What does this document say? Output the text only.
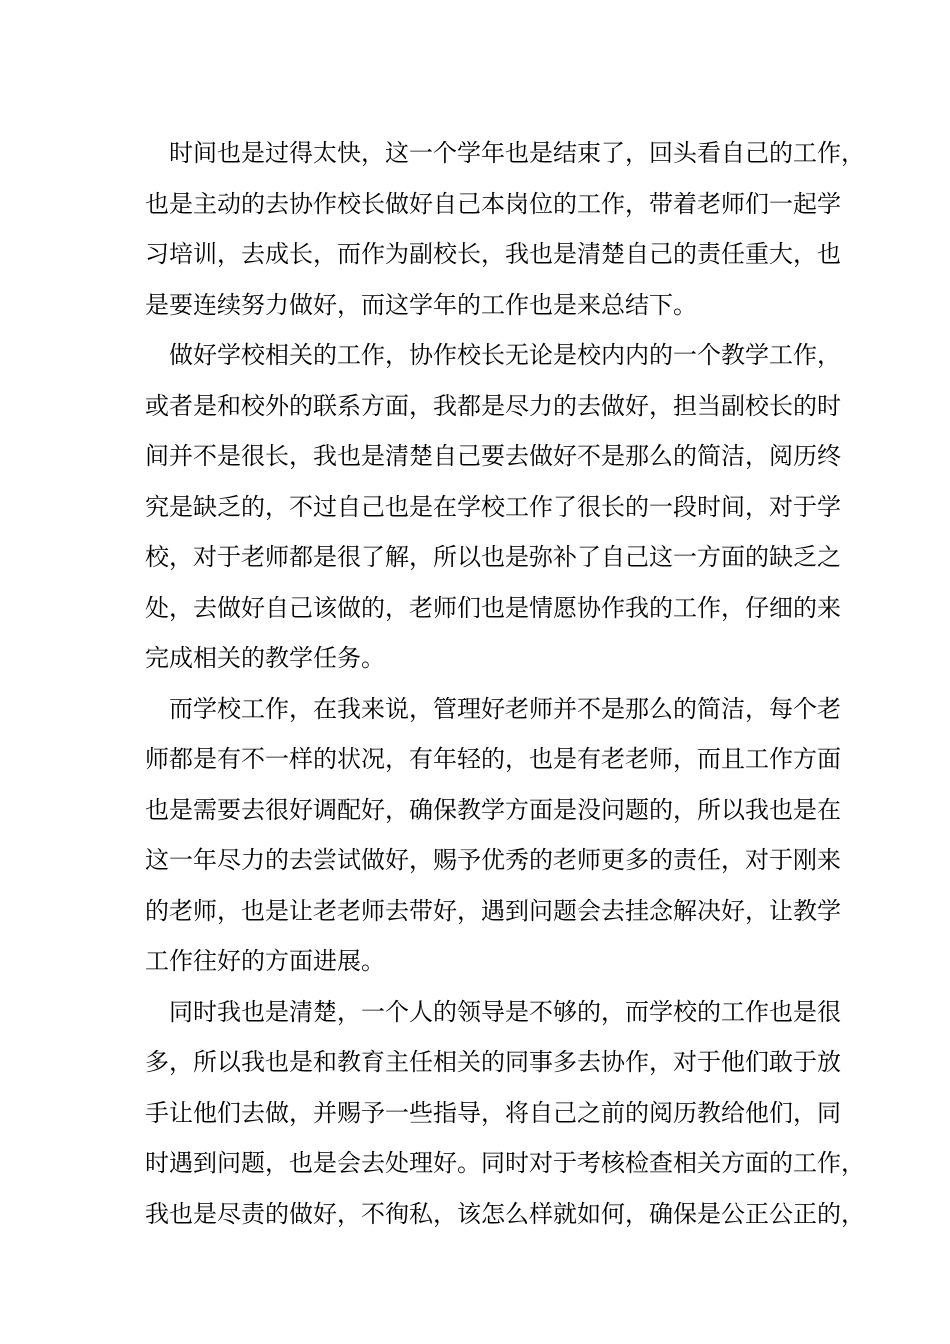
时间也是过得太快，这一个学年也是结束了，回头看自己的工作，
也是主动的去协作校长做好自己本岗位的工作，带着老师们一起学
习培训，去成长，而作为副校长，我也是清楚自己的责任重大，也
是要连续努力做好，而这学年的工作也是来总结下。
做好学校相关的工作，协作校长无论是校内内的一个教学工作，
或者是和校外的联系方面，我都是尽力的去做好，担当副校长的时
间并不是很长，我也是清楚自己要去做好不是那么的简洁，阅历终
究是缺乏的，不过自己也是在学校工作了很长的一段时间，对于学
校，对于老师都是很了解，所以也是弥补了自己这一方面的缺乏之
处，去做好自己该做的，老师们也是情愿协作我的工作，仔细的来
完成相关的教学任务。
而学校工作，在我来说，管理好老师并不是那么的简洁，每个老
师都是有不一样的状况，有年轻的，也是有老老师，而且工作方面
也是需要去很好调配好，确保教学方面是没问题的，所以我也是在
这一年尽力的去尝试做好，赐予优秀的老师更多的责任，对于刚来
的老师，也是让老老师去带好，遇到问题会去挂念解决好，让教学
工作往好的方面进展。
同时我也是清楚，一个人的领导是不够的，而学校的工作也是很
多，所以我也是和教育主任相关的同事多去协作，对于他们敢于放
手让他们去做，并赐予一些指导，将自己之前的阅历教给他们，同
时遇到问题，也是会去处理好。同时对于考核检查相关方面的工作，
我也是尽责的做好，不徇私，该怎么样就如何，确保是公正公正的，
